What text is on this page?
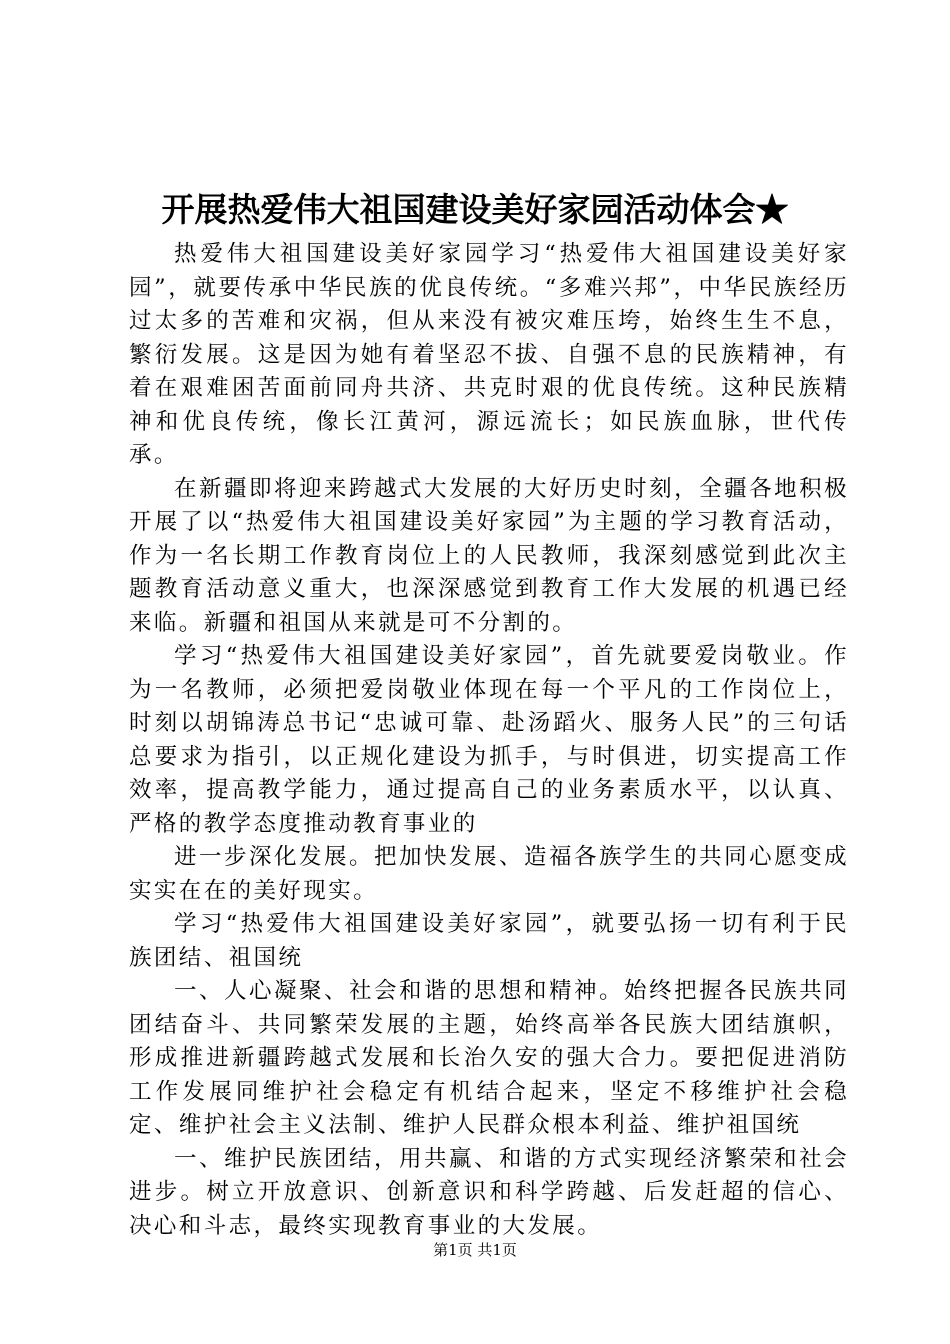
开展热爱伟大祖国建设美好家园活动体会★

热爱伟大祖国建设美好家园学习“热爱伟大祖国建设美好家园”，就要传承中华民族的优良传统。“多难兴邦”，中华民族经历过太多的苦难和灾祸，但从来没有被灾难压垮，始终生生不息，繁衍发展。这是因为她有着坚忍不拔、自强不息的民族精神，有着在艰难困苦面前同舟共济、共克时艰的优良传统。这种民族精神和优良传统，像长江黄河，源远流长；如民族血脉，世代传承。

在新疆即将迎来跨越式大发展的大好历史时刻，全疆各地积极开展了以“热爱伟大祖国建设美好家园”为主题的学习教育活动，作为一名长期工作教育岗位上的人民教师，我深刻感觉到此次主题教育活动意义重大，也深深感觉到教育工作大发展的机遇已经来临。新疆和祖国从来就是可不分割的。

学习“热爱伟大祖国建设美好家园”，首先就要爱岗敬业。作为一名教师，必须把爱岗敬业体现在每一个平凡的工作岗位上，时刻以胡锦涛总书记“忠诚可靠、赴汤蹈火、服务人民”的三句话总要求为指引，以正规化建设为抓手，与时俱进，切实提高工作效率，提高教学能力，通过提高自己的业务素质水平，以认真、严格的教学态度推动教育事业的

进一步深化发展。把加快发展、造福各族学生的共同心愿变成实实在在的美好现实。

学习“热爱伟大祖国建设美好家园”，就要弘扬一切有利于民族团结、祖国统

一、人心凝聚、社会和谐的思想和精神。始终把握各民族共同团结奋斗、共同繁荣发展的主题，始终高举各民族大团结旗帜，形成推进新疆跨越式发展和长治久安的强大合力。要把促进消防工作发展同维护社会稳定有机结合起来，坚定不移维护社会稳定、维护社会主义法制、维护人民群众根本利益、维护祖国统

一、维护民族团结，用共赢、和谐的方式实现经济繁荣和社会进步。树立开放意识、创新意识和科学跨越、后发赶超的信心、决心和斗志，最终实现教育事业的大发展。

第1页 共1页
